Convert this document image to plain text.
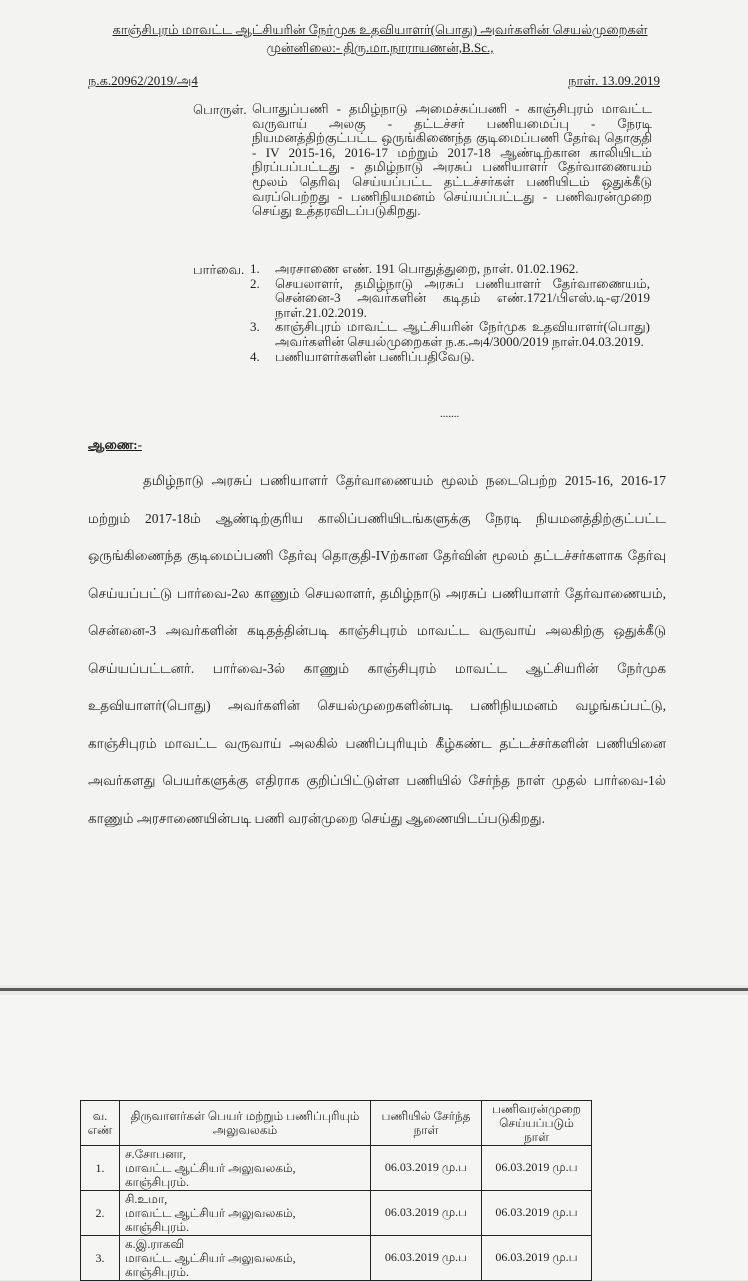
காஞ்சிபுரம் மாவட்ட ஆட்சியரின் நேர்முக உதவியாளர்(பொது) அவர்களின் செயல்முறைகள்
முன்னிலை:- திரு.மா.நாராயணன்,B.Sc.,
ந.க.20962/2019/அ4	நாள். 13.09.2019
பொருள். பொதுப்பணி - தமிழ்நாடு அமைச்சுப்பணி - காஞ்சிபுரம் மாவட்ட வருவாய் அலகு - தட்டச்சர் பணியமைப்பு - நேரடி நியமனத்திற்குட்பட்ட ஒருங்கிணைந்த குடிமைப்பணி தேர்வு தொகுதி - IV 2015-16, 2016-17 மற்றும் 2017-18 ஆண்டிற்கான காலியிடம் நிரப்பப்பட்டது - தமிழ்நாடு அரசுப் பணியாளர் தேர்வாணையம் மூலம் தெரிவு செய்யப்பட்ட தட்டச்சர்கள் பணியிடம் ஒதுக்கீடு வரப்பெற்றது - பணிநியமனம் செய்யப்பட்டது - பணிவரன்முறை செய்து உத்தரவிடப்படுகிறது.
பார்வை. 1.	அரசாணை எண். 191 பொதுத்துறை, நாள். 01.02.1962.
2.	செயலாளர், தமிழ்நாடு அரசுப் பணியாளர் தேர்வாணையம், சென்னை-3 அவர்களின் கடிதம் எண்.1721/பிஎஸ்.டி-ஏ/2019 நாள்.21.02.2019.
3.	காஞ்சிபுரம் மாவட்ட ஆட்சியரின் நேர்முக உதவியாளர்(பொது) அவர்களின் செயல்முறைகள் ந.க.அ4/3000/2019 நாள்.04.03.2019.
4.	பணியாளர்களின் பணிப்பதிவேடு.
.......
ஆணை:-
தமிழ்நாடு அரசுப் பணியாளர் தேர்வாணையம் மூலம் நடைபெற்ற 2015-16, 2016-17 மற்றும் 2017-18ம் ஆண்டிற்குரிய காலிப்பணியிடங்களுக்கு நேரடி நியமனத்திற்குட்பட்ட ஒருங்கிணைந்த குடிமைப்பணி தேர்வு தொகுதி-IVற்கான தேர்வின் மூலம் தட்டச்சர்களாக தேர்வு செய்யப்பட்டு பார்வை-2ல காணும் செயலாளர், தமிழ்நாடு அரசுப் பணியாளர் தேர்வாணையம், சென்னை-3 அவர்களின் கடிதத்தின்படி காஞ்சிபுரம் மாவட்ட வருவாய் அலகிற்கு ஒதுக்கீடு செய்யப்பட்டனர். பார்வை-3ல் காணும் காஞ்சிபுரம் மாவட்ட ஆட்சியரின் நேர்முக உதவியாளர்(பொது) அவர்களின் செயல்முறைகளின்படி பணிநியமனம் வழங்கப்பட்டு, காஞ்சிபுரம் மாவட்ட வருவாய் அலகில் பணிப்புரியும் கீழ்கண்ட தட்டச்சர்களின் பணியினை அவர்களது பெயர்களுக்கு எதிராக குறிப்பிட்டுள்ள பணியில் சேர்ந்த நாள் முதல் பார்வை-1ல் காணும் அரசாணையின்படி பணி வரன்முறை செய்து ஆணையிடப்படுகிறது.
வ. எண்	திருவாளர்கள் பெயர் மற்றும் பணிப்புரியும் அலுவலகம்	பணியில் சேர்ந்த நாள்	பணிவரன்முறை செய்யப்படும் நாள்
1.	ச.சோபனா,
மாவட்ட ஆட்சியர் அலுவலகம்,
காஞ்சிபுரம்.	06.03.2019 மு.ப	06.03.2019 மு.ப
2.	சி.உமா,
மாவட்ட ஆட்சியர் அலுவலகம்,
காஞ்சிபுரம்.	06.03.2019 மு.ப	06.03.2019 மு.ப
3.	க.இ.ராகவி
மாவட்ட ஆட்சியர் அலுவலகம்,
காஞ்சிபுரம்.	06.03.2019 மு.ப	06.03.2019 மு.ப
